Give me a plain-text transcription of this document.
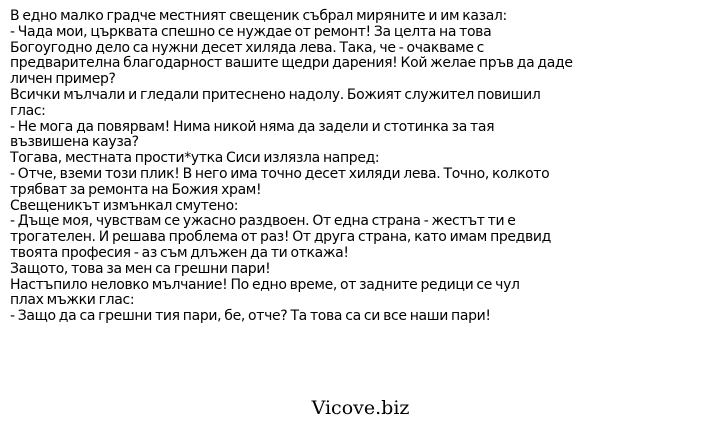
В едно малко градче местният свещеник събрал миряните и им казал:
- Чада мои, църквата спешно се нуждае от ремонт! За целта на това
Богоугодно дело са нужни десет хиляда лева. Така, че - очакваме с
предварителна благодарност вашите щедри дарения! Кой желае пръв да даде
личен пример?
Всички мълчали и гледали притеснено надолу. Божият служител повишил
глас:
- Не мога да повярвам! Нима никой няма да задели и стотинка за тая
възвишена кауза?
Тогава, местната прости*утка Сиси излязла напред:
- Отче, вземи този плик! В него има точно десет хиляди лева. Точно, колкото
трябват за ремонта на Божия храм!
Свещеникът измънкал смутено:
- Дъще моя, чувствам се ужасно раздвоен. От една страна - жестът ти е
трогателен. И решава проблема от раз! От друга страна, като имам предвид
твоята професия - аз съм длъжен да ти откажа!
Защото, това за мен са грешни пари!
Настъпило неловко мълчание! По едно време, от задните редици се чул
плах мъжки глас:
- Защо да са грешни тия пари, бе, отче? Та това са си все наши пари!
Vicove.biz
